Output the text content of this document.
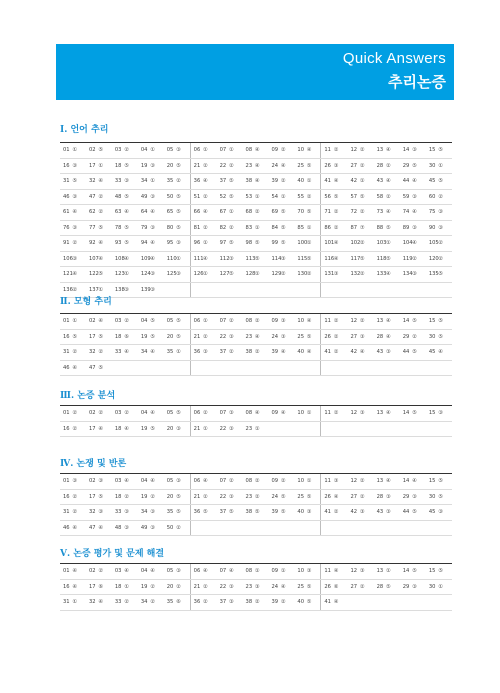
Quick Answers
추리논증
Ⅰ. 언어 추리
01 ① 02 ⑤ 03 ② 04 ① 05 ③ 06 ① 07 ① 08 ④ 09 ② 10 ④ 11 ② 12 ② 13 ④ 14 ③ 15 ⑤
16 ③ 17 ① 18 ⑤ 19 ③ 20 ⑤ 21 ② 22 ② 23 ④ 24 ④ 25 ⑤ 26 ③ 27 ② 28 ② 29 ⑤ 30 ①
31 ⑤ 32 ④ 33 ③ 34 ① 35 ② 36 ④ 37 ⑤ 38 ④ 39 ② 40 ① 41 ④ 42 ① 43 ④ 44 ④ 45 ⑤
46 ③ 47 ② 48 ⑤ 49 ③ 50 ⑤ 51 ② 52 ⑤ 53 ① 54 ① 55 ② 56 ⑤ 57 ⑤ 58 ② 59 ③ 60 ②
61 ④ 62 ② 63 ④ 64 ④ 65 ⑤ 66 ④ 67 ① 68 ② 69 ⑤ 70 ⑤ 71 ② 72 ② 73 ④ 74 ④ 75 ③
76 ③ 77 ⑤ 78 ⑤ 79 ③ 80 ⑤ 81 ② 82 ② 83 ① 84 ⑤ 85 ① 86 ② 87 ⑦ 88 ⑤ 89 ③ 90 ③
91 ② 92 ④ 93 ⑤ 94 ④ 95 ③ 96 ① 97 ⑤ 98 ⑤ 99 ⑤ 100 ① 101 ④ 102 ② 103 ① 104 ④ 105 ②
106 ③ 107 ④ 108 ④ 109 ④ 110 ① 111 ④ 112 ③ 113 ⑤ 114 ③ 115 ⑤ 116 ④ 117 ⑤ 118 ⑤ 119 ② 120 ②
121 ④ 122 ⑤ 123 ① 124 ③ 125 ③ 126 ① 127 ⑤ 128 ① 129 ② 130 ② 131 ③ 132 ② 133 ④ 134 ③ 135 ⑤
136 ② 137 ① 138 ③ 139 ③
Ⅱ. 모형 추리
01 ① 02 ④ 03 ② 04 ⑤ 05 ⑤ 06 ① 07 ② 08 ② 09 ③ 10 ④ 11 ② 12 ② 13 ④ 14 ⑤ 15 ⑤
16 ⑤ 17 ⑤ 18 ⑥ 19 ⑤ 20 ⑤ 21 ② 22 ③ 23 ④ 24 ③ 25 ⑤ 26 ② 27 ③ 28 ④ 29 ② 30 ⑤
31 ② 32 ② 33 ④ 34 ④ 35 ① 36 ③ 37 ② 38 ② 39 ④ 40 ④ 41 ② 42 ④ 43 ③ 44 ⑤ 45 ④
46 ④ 47 ⑤
Ⅲ. 논증 분석
01 ② 02 ② 03 ② 04 ④ 05 ⑤ 06 ② 07 ③ 08 ④ 09 ④ 10 ① 11 ② 12 ③ 13 ④ 14 ⑤ 15 ③
16 ② 17 ④ 18 ④ 19 ⑤ 20 ③ 21 ① 22 ③ 23 ①
Ⅳ. 논쟁 및 반론
01 ③ 02 ③ 03 ④ 04 ④ 05 ③ 06 ④ 07 ② 08 ② 09 ② 10 ① 11 ③ 12 ② 13 ④ 14 ④ 15 ⑤
16 ② 17 ⑤ 18 ② 19 ② 20 ⑤ 21 ② 22 ③ 23 ② 24 ⑤ 25 ⑤ 26 ④ 27 ② 28 ③ 29 ③ 30 ⑤
31 ② 32 ③ 33 ③ 34 ③ 35 ⑤ 36 ⑤ 37 ⑤ 38 ⑤ 39 ⑤ 40 ③ 41 ② 42 ③ 43 ③ 44 ⑤ 45 ③
46 ④ 47 ④ 48 ③ 49 ③ 50 ②
Ⅴ. 논증 평가 및 문제 해결
01 ④ 02 ② 03 ④ 04 ④ 05 ③ 06 ④ 07 ④ 08 ① 09 ① 10 ③ 11 ④ 12 ③ 13 ① 14 ⑤ 15 ⑤
16 ④ 17 ⑥ 18 ① 19 ② 20 ② 21 ② 22 ③ 23 ③ 24 ④ 25 ⑤ 26 ⑥ 27 ② 28 ⑤ 29 ③ 30 ①
31 ① 32 ④ 33 ② 34 ② 35 ⑥ 36 ② 37 ③ 38 ② 39 ② 40 ⑤ 41 ④
